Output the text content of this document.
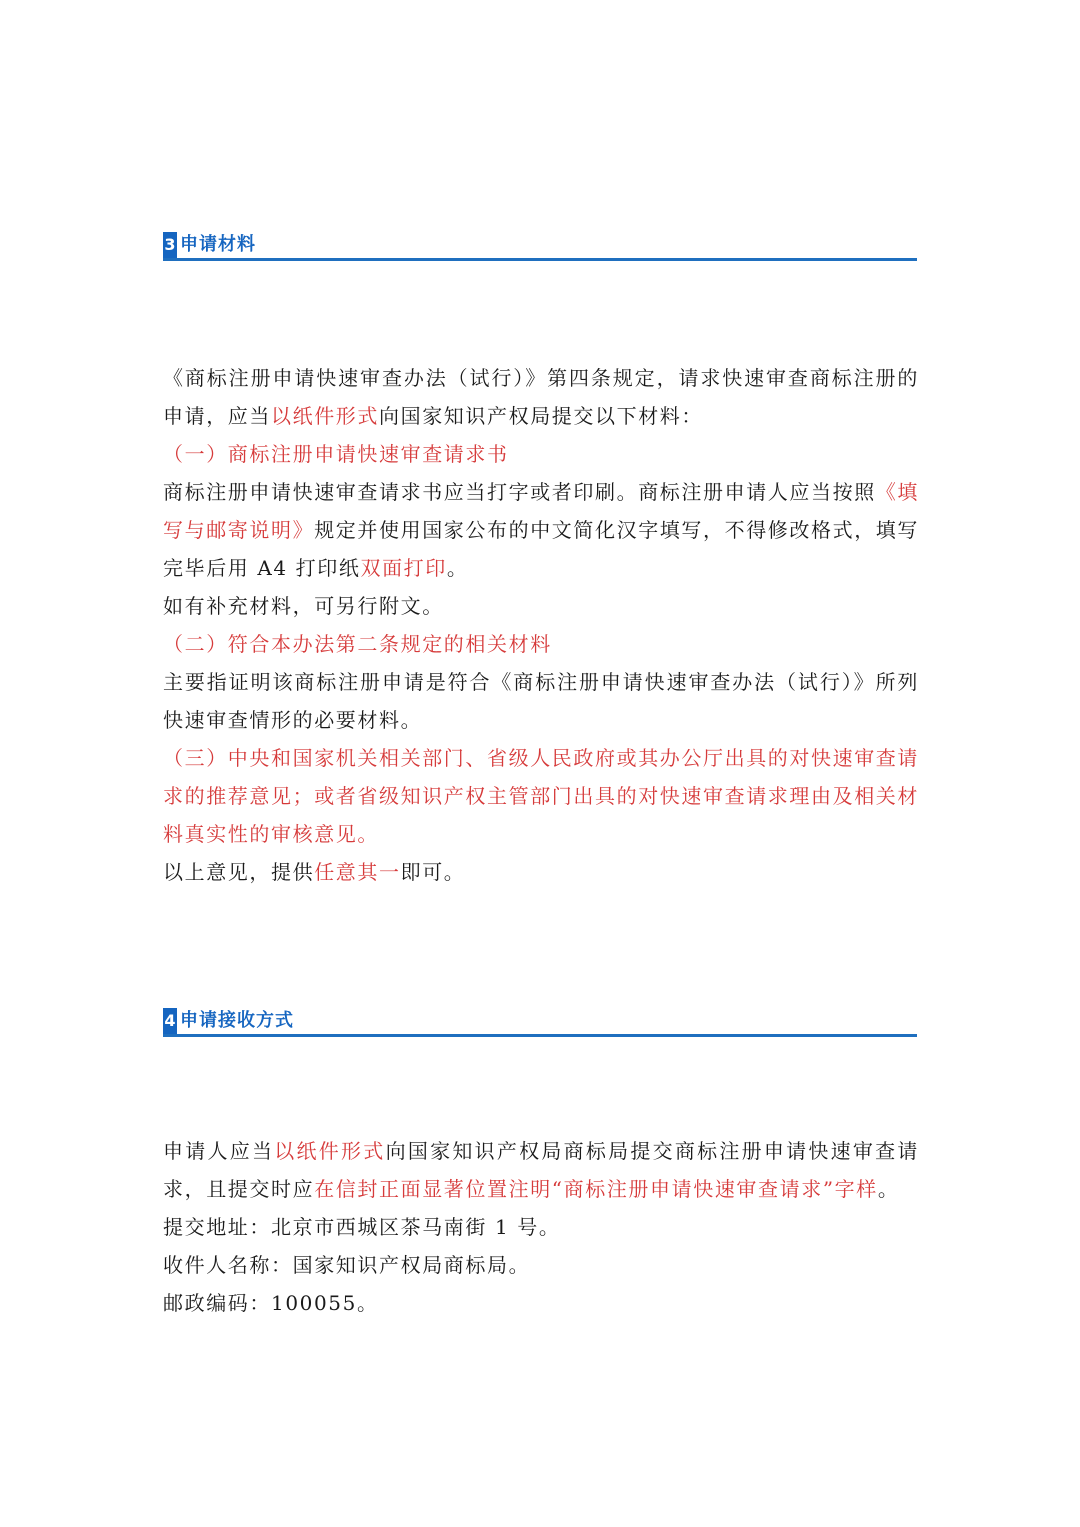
3 申请材料

《商标注册申请快速审查办法（试行）》第四条规定，请求快速审查商标注册的申请，应当以纸件形式向国家知识产权局提交以下材料：

（一）商标注册申请快速审查请求书

商标注册申请快速审查请求书应当打字或者印刷。商标注册申请人应当按照《填写与邮寄说明》规定并使用国家公布的中文简化汉字填写，不得修改格式，填写完毕后用 A4 打印纸双面打印。

如有补充材料，可另行附文。

（二）符合本办法第二条规定的相关材料

主要指证明该商标注册申请是符合《商标注册申请快速审查办法（试行）》所列快速审查情形的必要材料。

（三）中央和国家机关相关部门、省级人民政府或其办公厅出具的对快速审查请求的推荐意见；或者省级知识产权主管部门出具的对快速审查请求理由及相关材料真实性的审核意见。

以上意见，提供任意其一即可。

4 申请接收方式

申请人应当以纸件形式向国家知识产权局商标局提交商标注册申请快速审查请求，且提交时应在信封正面显著位置注明“商标注册申请快速审查请求”字样。

提交地址：北京市西城区茶马南街 1 号。

收件人名称：国家知识产权局商标局。

邮政编码：100055。
